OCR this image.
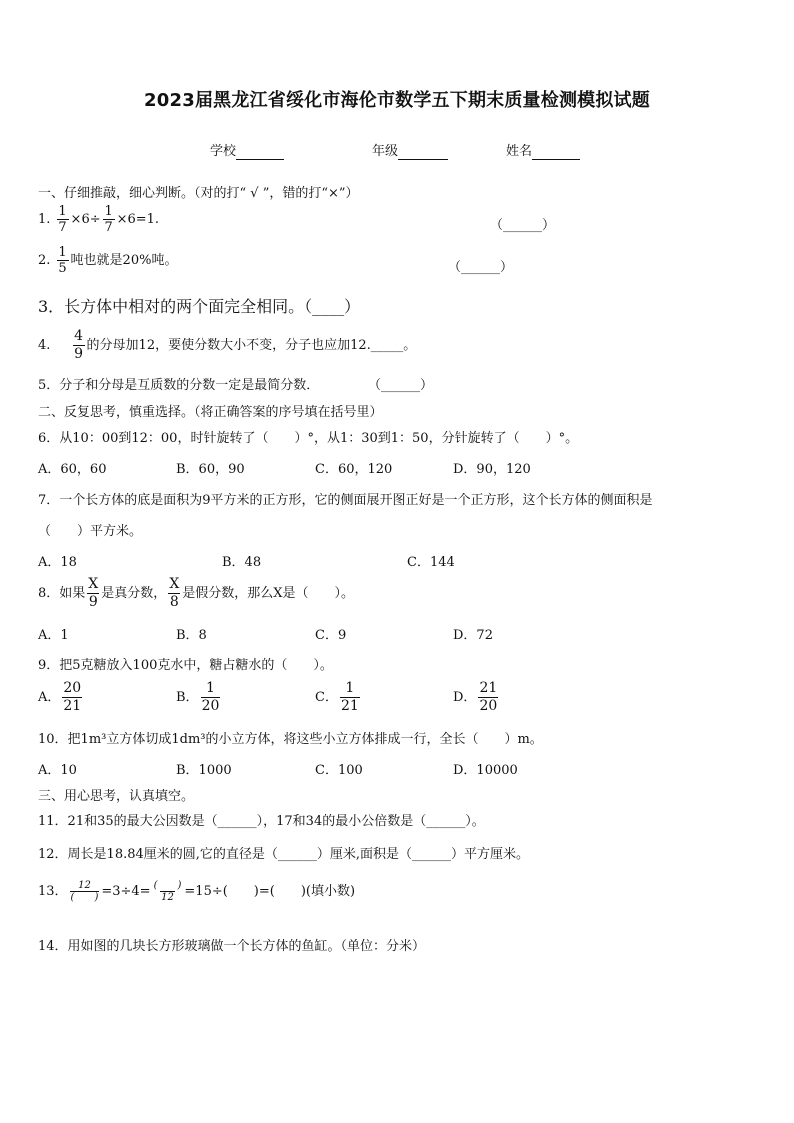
2023届黑龙江省绥化市海伦市数学五下期末质量检测模拟试题
学校	年级	姓名
一、仔细推敲，细心判断。（对的打“ √ ”，错的打“×”）
1. $\frac{1}{7} \times 6\div \frac{1}{7} \times 6=1$.	（______）
2. $\frac{1}{5}$ 吨也就是20%吨。	（______）
3．长方体中相对的两个面完全相同。（____）
4. $\frac{4}{9}$ 的分母加12，要使分数大小不变，分子也应加12._____。
5．分子和分母是互质数的分数一定是最简分数．	（______）
二、反复思考，慎重选择。（将正确答案的序号填在括号里）
6．从10：00到12：00，时针旋转了（　　）°，从1：30到1：50，分针旋转了（　　）°。
A．60，60	B．60，90	C．60，120	D．90，120
7．一个长方体的底是面积为9平方米的正方形，它的侧面展开图正好是一个正方形，这个长方体的侧面积是
（　　）平方米。
A．18	B．48	C．144
8．如果 $\frac{X}{9}$ 是真分数， $\frac{X}{8}$ 是假分数，那么X是（　　）。
A．1	B．8	C．9	D．72
9．把5克糖放入100克水中，糖占糖水的（　　）。
A． $\frac{20}{21}$	B． $\frac{1}{20}$	C． $\frac{1}{21}$	D． $\frac{21}{20}$
10．把1m³立方体切成1dm³的小立方体，将这些小立方体排成一行，全长（　　）m。
A．10	B．1000	C．100	D．10000
三、用心思考，认真填空。
11．21和35的最大公因数是（______），17和34的最小公倍数是（______）。
12．周长是18.84厘米的圆,它的直径是（______）厘米,面积是（______）平方厘米。
13． $\frac{12}{( )} =3\div 4= \frac{( )}{12} =15\div$(　　)=(　　)(填小数)
14．用如图的几块长方形玻璃做一个长方体的鱼缸。（单位：分米）
